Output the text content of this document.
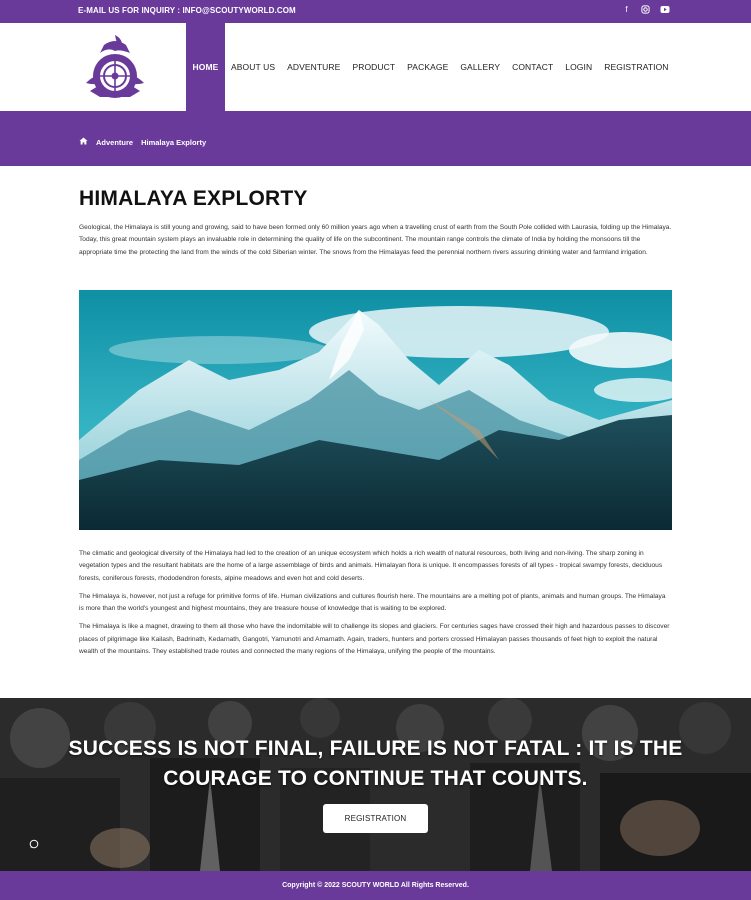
E-MAIL US FOR INQUIRY : INFO@SCOUTYWORLD.COM	f
HOME	ABOUT US	ADVENTURE	PRODUCT	PACKAGE	GALLERY	CONTACT	LOGIN	REGISTRATION
Adventure Himalaya Explorty
HIMALAYA EXPLORTY

Geological, the Himalaya is still young and growing, said to have been formed only 60 million years ago when a travelling crust of earth from the South Pole collided with Laurasia, folding up the Himalaya. Today, this great mountain system plays an invaluable role in determining the quality of life on the subcontinent. The mountain range controls the climate of India by holding the monsoons till the appropriate time the protecting the land from the winds of the cold Siberian winter. The snows from the Himalayas feed the perennial northern rivers assuring drinking water and farmland irrigation.

The climatic and geological diversity of the Himalaya had led to the creation of an unique ecosystem which holds a rich wealth of natural resources, both living and non-living. The sharp zoning in vegetation types and the resultant habitats are the home of a large assemblage of birds and animals. Himalayan flora is unique. It encompasses forests of all types - tropical swampy forests, deciduous forests, coniferous forests, rhododendron forests, alpine meadows and even hot and cold deserts.

The Himalaya is, however, not just a refuge for primitive forms of life. Human civilizations and cultures flourish here. The mountains are a melting pot of plants, animals and human groups. The Himalaya is more than the world's youngest and highest mountains, they are treasure house of knowledge that is waiting to be explored.

The Himalaya is like a magnet, drawing to them all those who have the indomitable will to challenge its slopes and glaciers. For centuries sages have crossed their high and hazardous passes to discover places of pilgrimage like Kailash, Badrinath, Kedarnath, Gangotri, Yamunotri and Amarnath. Again, traders, hunters and porters crossed Himalayan passes thousands of feet high to exploit the natural wealth of the mountains. They established trade routes and connected the many regions of the Himalaya, unifying the people of the mountains.

SUCCESS IS NOT FINAL, FAILURE IS NOT FATAL : IT IS THE
COURAGE TO CONTINUE THAT COUNTS.
REGISTRATION
Copyright © 2022 SCOUTY WORLD All Rights Reserved.
